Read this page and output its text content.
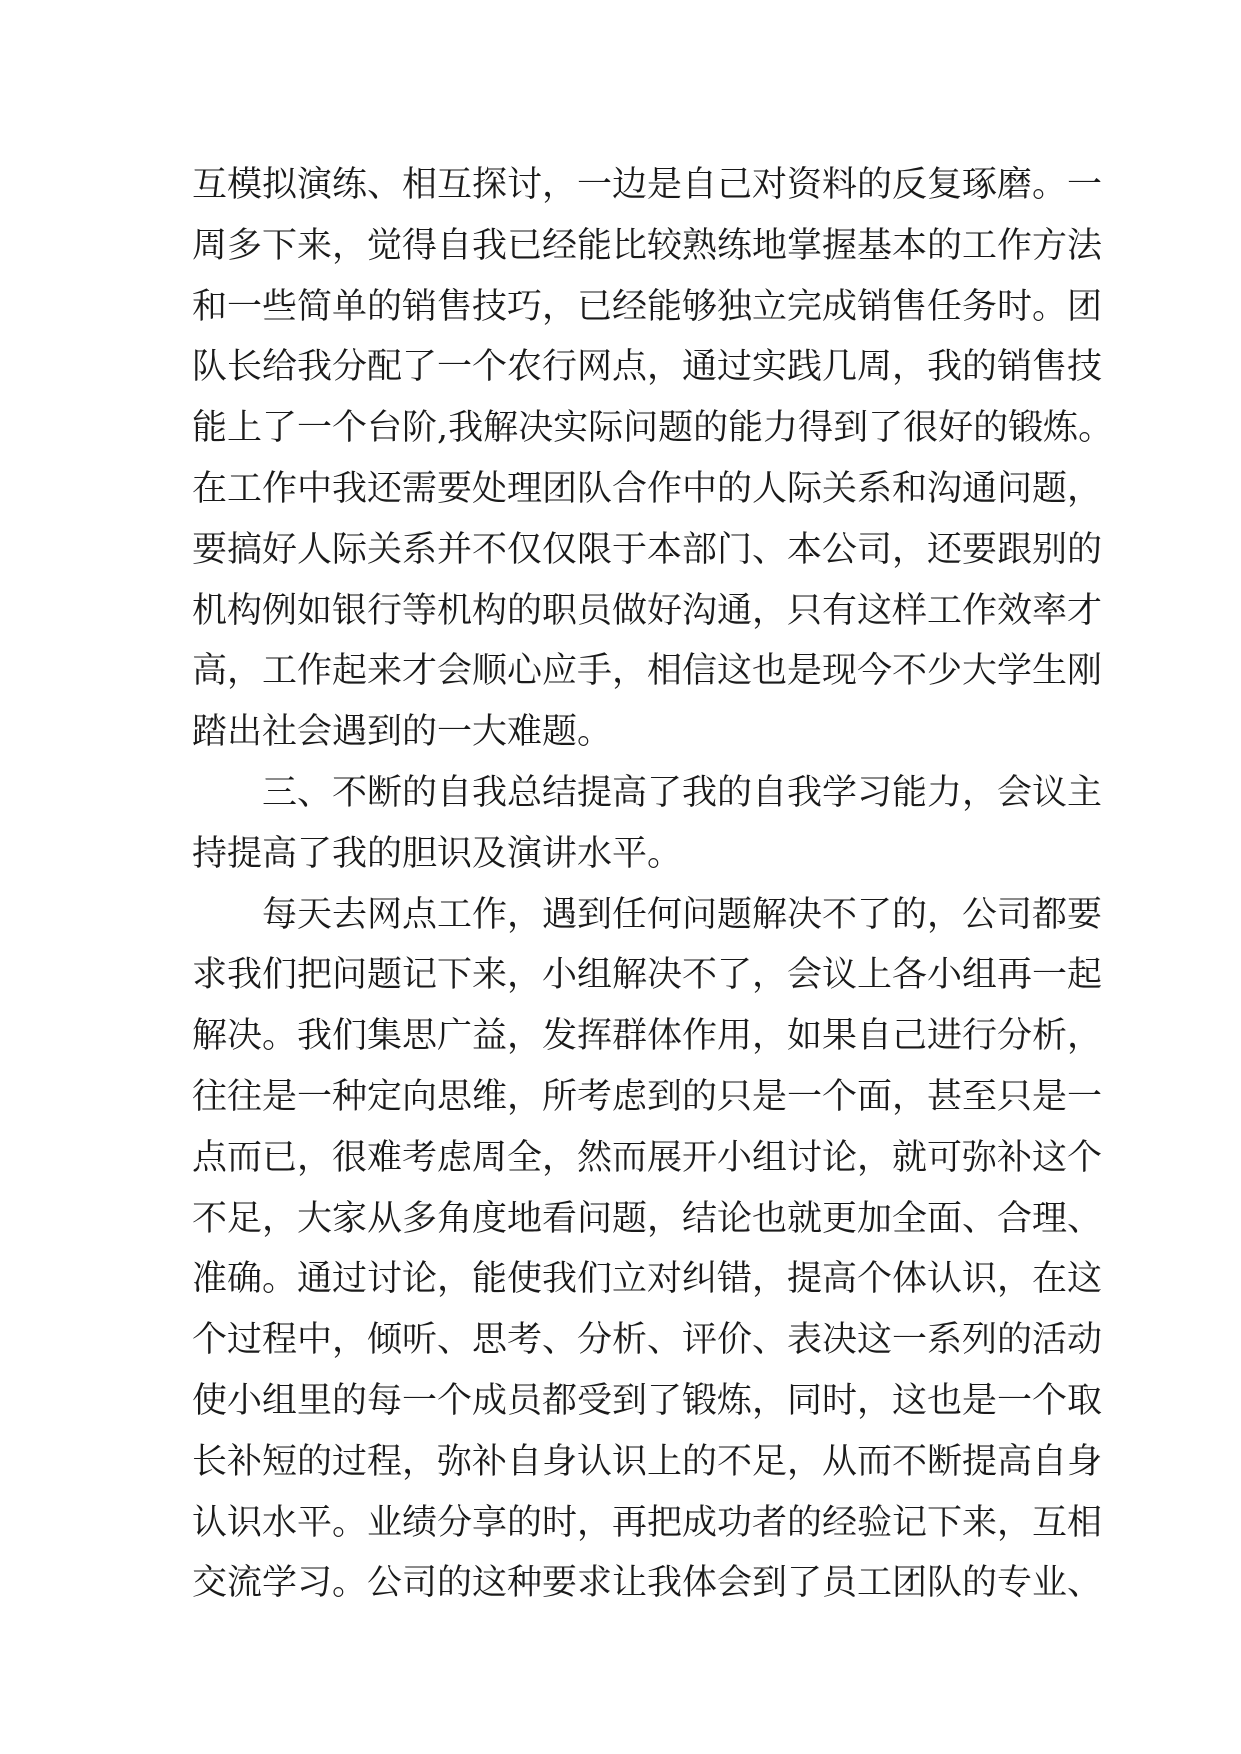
互模拟演练、相互探讨，一边是自己对资料的反复琢磨。一
周多下来，觉得自我已经能比较熟练地掌握基本的工作方法
和一些简单的销售技巧，已经能够独立完成销售任务时。团
队长给我分配了一个农行网点，通过实践几周，我的销售技
能上了一个台阶,我解决实际问题的能力得到了很好的锻炼。
在工作中我还需要处理团队合作中的人际关系和沟通问题，
要搞好人际关系并不仅仅限于本部门、本公司，还要跟别的
机构例如银行等机构的职员做好沟通，只有这样工作效率才
高，工作起来才会顺心应手，相信这也是现今不少大学生刚
踏出社会遇到的一大难题。
三、不断的自我总结提高了我的自我学习能力，会议主
持提高了我的胆识及演讲水平。
每天去网点工作，遇到任何问题解决不了的，公司都要
求我们把问题记下来，小组解决不了，会议上各小组再一起
解决。我们集思广益，发挥群体作用，如果自己进行分析，
往往是一种定向思维，所考虑到的只是一个面，甚至只是一
点而已，很难考虑周全，然而展开小组讨论，就可弥补这个
不足，大家从多角度地看问题，结论也就更加全面、合理、
准确。通过讨论，能使我们立对纠错，提高个体认识，在这
个过程中，倾听、思考、分析、评价、表决这一系列的活动
使小组里的每一个成员都受到了锻炼，同时，这也是一个取
长补短的过程，弥补自身认识上的不足，从而不断提高自身
认识水平。业绩分享的时，再把成功者的经验记下来，互相
交流学习。公司的这种要求让我体会到了员工团队的专业、
